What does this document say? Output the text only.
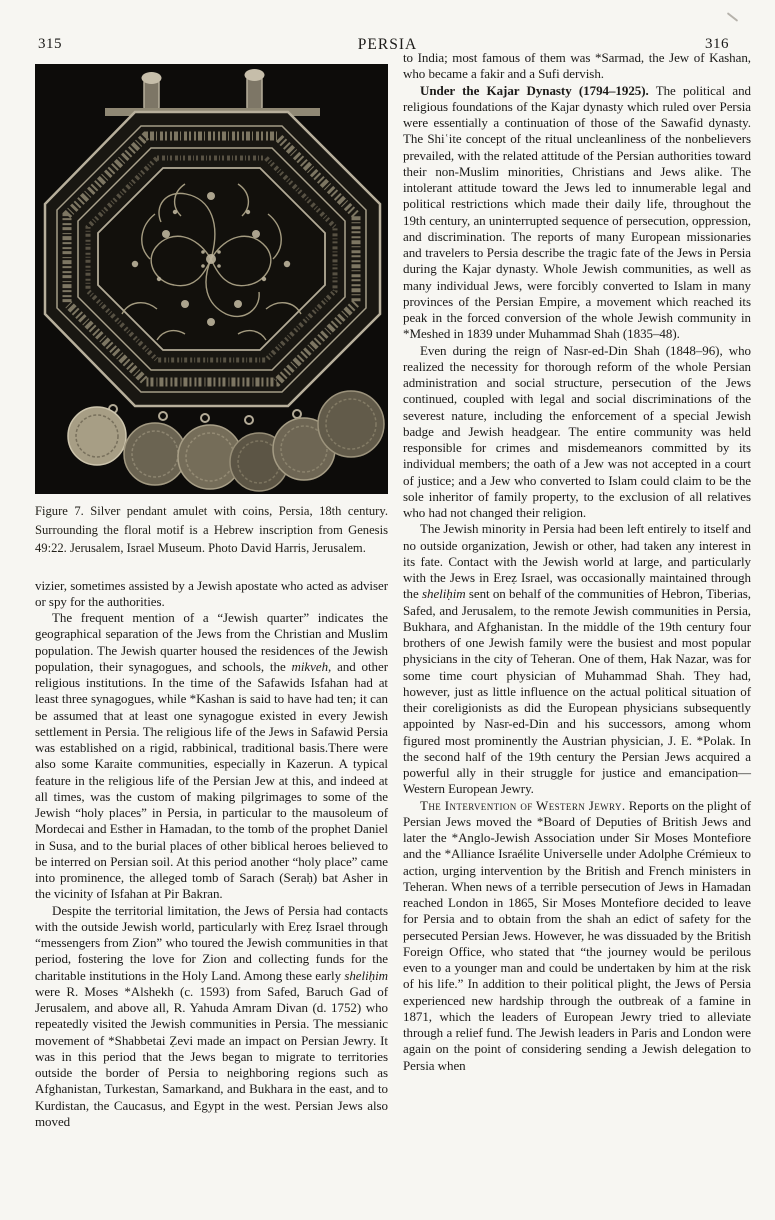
315	PERSIA	316
Figure 7. Silver pendant amulet with coins, Persia, 18th century. Surrounding the floral motif is a Hebrew inscription from Genesis 49:22. Jerusalem, Israel Museum. Photo David Harris, Jerusalem.

vizier, sometimes assisted by a Jewish apostate who acted as adviser or spy for the authorities.

The frequent mention of a “Jewish quarter” indicates the geographical separation of the Jews from the Christian and Muslim population. The Jewish quarter housed the residences of the Jewish population, their synagogues, and schools, the mikveh, and other religious institutions. In the time of the Safawids Isfahan had at least three synagogues, while *Kashan is said to have had ten; it can be assumed that at least one synagogue existed in every Jewish settlement in Persia. The religious life of the Jews in Safawid Persia was established on a rigid, rabbinical, traditional basis.There were also some Karaite communities, especially in Kazerun. A typical feature in the religious life of the Persian Jew at this, and indeed at all times, was the custom of making pilgrimages to some of the Jewish “holy places” in Persia, in particular to the mausoleum of Mordecai and Esther in Hamadan, to the tomb of the prophet Daniel in Susa, and to the burial places of other biblical heroes believed to be interred on Persian soil. At this period another “holy place” came into prominence, the alleged tomb of Sarach (Seraḥ) bat Asher in the vicinity of Isfahan at Pir Bakran.

Despite the territorial limitation, the Jews of Persia had contacts with the outside Jewish world, particularly with Ereẓ Israel through “messengers from Zion” who toured the Jewish communities in that period, fostering the love for Zion and collecting funds for the charitable institutions in the Holy Land. Among these early sheliḥim were R. Moses *Alshekh (c. 1593) from Safed, Baruch Gad of Jerusalem, and above all, R. Yahuda Amram Divan (d. 1752) who repeatedly visited the Jewish communities in Persia. The messianic movement of *Shabbetai Ẓevi made an impact on Persian Jewry. It was in this period that the Jews began to migrate to territories outside the border of Persia to neighboring regions such as Afghanistan, Turkestan, Samarkand, and Bukhara in the east, and to Kurdistan, the Caucasus, and Egypt in the west. Persian Jews also moved

to India; most famous of them was *Sarmad, the Jew of Kashan, who became a fakir and a Sufi dervish.

Under the Kajar Dynasty (1794–1925). The political and religious foundations of the Kajar dynasty which ruled over Persia were essentially a continuation of those of the Sawafid dynasty. The Shiʿite concept of the ritual uncleanliness of the nonbelievers prevailed, with the related attitude of the Persian authorities toward their non-Muslim minorities, Christians and Jews alike. The intolerant attitude toward the Jews led to innumerable legal and political restrictions which made their daily life, throughout the 19th century, an uninterrupted sequence of persecution, oppression, and discrimination. The reports of many European missionaries and travelers to Persia describe the tragic fate of the Jews in Persia during the Kajar dynasty. Whole Jewish communities, as well as many individual Jews, were forcibly converted to Islam in many provinces of the Persian Empire, a movement which reached its peak in the forced conversion of the whole Jewish community in *Meshed in 1839 under Muhammad Shah (1835–48).

Even during the reign of Nasr-ed-Din Shah (1848–96), who realized the necessity for thorough reform of the whole Persian administration and social structure, persecution of the Jews continued, coupled with legal and social discriminations of the severest nature, including the enforcement of a special Jewish badge and Jewish headgear. The entire community was held responsible for crimes and misdemeanors committed by its individual members; the oath of a Jew was not accepted in a court of justice; and a Jew who converted to Islam could claim to be the sole inheritor of family property, to the exclusion of all relatives who had not changed their religion.

The Jewish minority in Persia had been left entirely to itself and no outside organization, Jewish or other, had taken any interest in its fate. Contact with the Jewish world at large, and particularly with the Jews in Ereẓ Israel, was occasionally maintained through the sheliḥim sent on behalf of the communities of Hebron, Tiberias, Safed, and Jerusalem, to the remote Jewish communities in Persia, Bukhara, and Afghanistan. In the middle of the 19th century four brothers of one Jewish family were the busiest and most popular physicians in the city of Teheran. One of them, Hak Nazar, was for some time court physician of Muhammad Shah. They had, however, just as little influence on the actual political situation of their coreligionists as did the European physicians subsequently appointed by Nasr-ed-Din and his successors, among whom figured most prominently the Austrian physician, J. E. *Polak. In the second half of the 19th century the Persian Jews acquired a powerful ally in their struggle for justice and emancipation—Western European Jewry.

The Intervention of Western Jewry. Reports on the plight of Persian Jews moved the *Board of Deputies of British Jews and later the *Anglo-Jewish Association under Sir Moses Montefiore and the *Alliance Israélite Universelle under Adolphe Crémieux to action, urging intervention by the British and French ministers in Teheran. When news of a terrible persecution of Jews in Hamadan reached London in 1865, Sir Moses Montefiore decided to leave for Persia and to obtain from the shah an edict of safety for the persecuted Persian Jews. However, he was dissuaded by the British Foreign Office, who stated that “the journey would be perilous even to a younger man and could be undertaken by him at the risk of his life.” In addition to their political plight, the Jews of Persia experienced new hardship through the outbreak of a famine in 1871, which the leaders of European Jewry tried to alleviate through a relief fund. The Jewish leaders in Paris and London were again on the point of considering sending a Jewish delegation to Persia when
